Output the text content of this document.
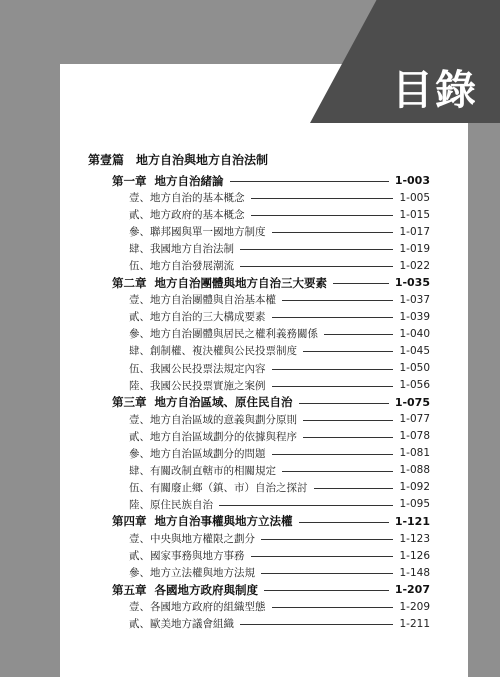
目錄
第壹篇　地方自治與地方自治法制
第一章 地方自治緒論	1-003
壹、地方自治的基本概念	1-005
貳、地方政府的基本概念	1-015
參、聯邦國與單一國地方制度	1-017
肆、我國地方自治法制	1-019
伍、地方自治發展潮流	1-022
第二章 地方自治團體與地方自治三大要素	1-035
壹、地方自治團體與自治基本權	1-037
貳、地方自治的三大構成要素	1-039
參、地方自治團體與居民之權利義務關係	1-040
肆、創制權、複決權與公民投票制度	1-045
伍、我國公民投票法規定內容	1-050
陸、我國公民投票實施之案例	1-056
第三章 地方自治區域、原住民自治	1-075
壹、地方自治區域的意義與劃分原則	1-077
貳、地方自治區域劃分的依據與程序	1-078
參、地方自治區域劃分的問題	1-081
肆、有關改制直轄市的相關規定	1-088
伍、有關廢止鄉（鎮、市）自治之探討	1-092
陸、原住民族自治	1-095
第四章 地方自治事權與地方立法權	1-121
壹、中央與地方權限之劃分	1-123
貳、國家事務與地方事務	1-126
參、地方立法權與地方法規	1-148
第五章 各國地方政府與制度	1-207
壹、各國地方政府的組織型態	1-209
貳、歐美地方議會組織	1-211
